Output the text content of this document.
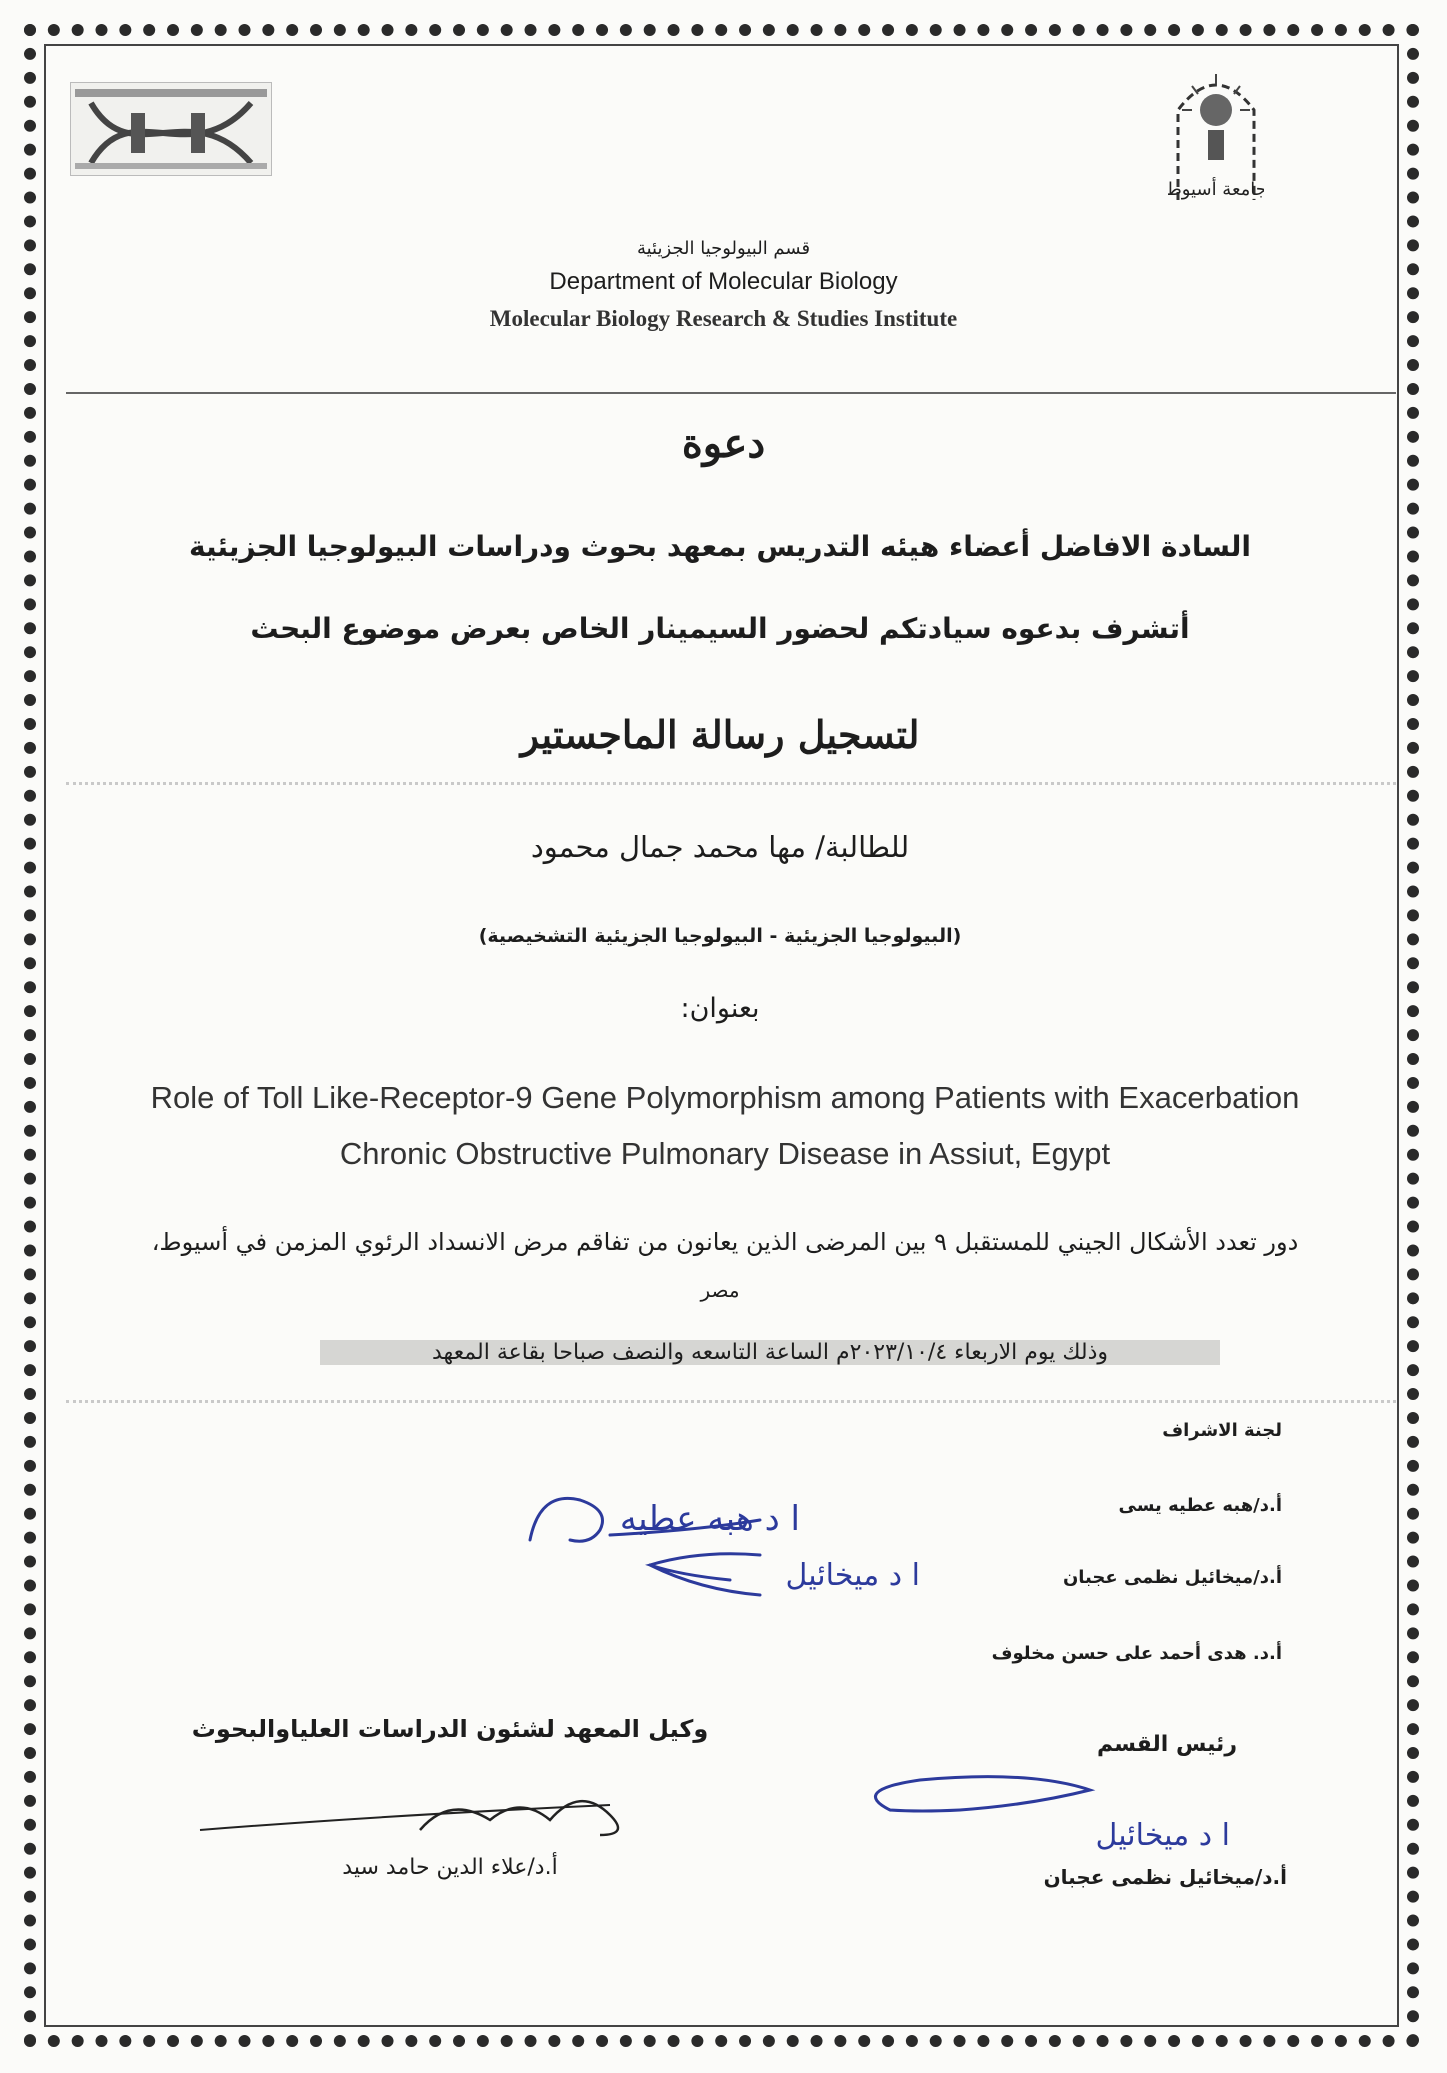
جامعة أسيوط
قسم البيولوجيا الجزيئية
Department of Molecular Biology
Molecular Biology Research & Studies Institute
دعوة
السادة الافاضل أعضاء هيئه التدريس بمعهد بحوث ودراسات البيولوجيا الجزيئية
أتشرف بدعوه سيادتكم لحضور السيمينار الخاص بعرض موضوع البحث
لتسجيل رسالة الماجستير
للطالبة/ مها محمد جمال محمود
(البيولوجيا الجزيئية - البيولوجيا الجزيئية التشخيصية)
بعنوان:
Role of Toll Like-Receptor-9 Gene Polymorphism among Patients with Exacerbation
Chronic Obstructive Pulmonary Disease in Assiut, Egypt
دور تعدد الأشكال الجيني للمستقبل ٩ بين المرضى الذين يعانون من تفاقم مرض الانسداد الرئوي المزمن في أسيوط،
مصر
وذلك يوم الاربعاء ٢٠٢٣/١٠/٤م الساعة التاسعه والنصف صباحا بقاعة المعهد
لجنة الاشراف
أ.د/هبه عطيه يسى
أ.د/ميخائيل نظمى عجبان
أ.د. هدى أحمد على حسن مخلوف
ا د هبه عطيه
ا د ميخائيل
رئيس القسم
ا د ميخائيل
أ.د/ميخائيل نظمى عجبان
وكيل المعهد لشئون الدراسات العلياوالبحوث
أ.د/علاء الدين حامد سيد
